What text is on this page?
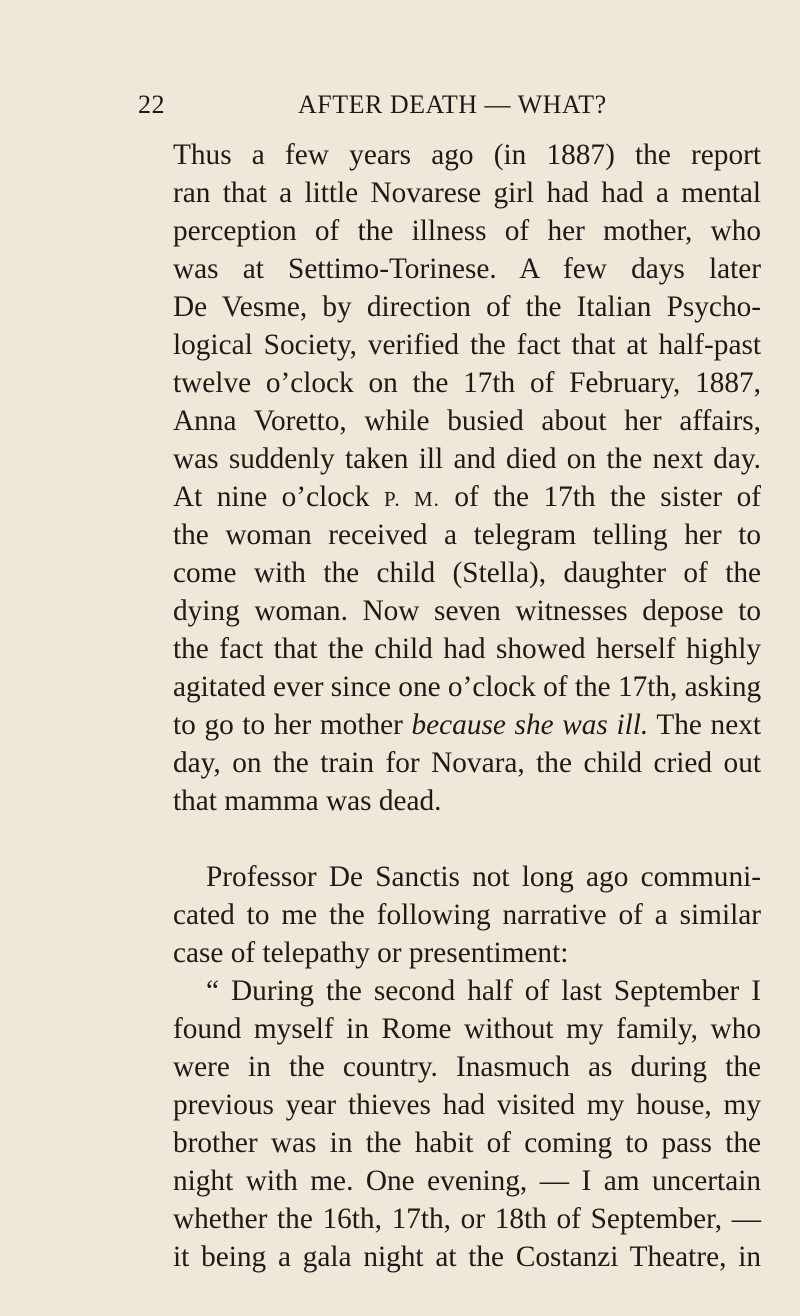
22	AFTER DEATH — WHAT?
Thus a few years ago (in 1887) the report
ran that a little Novarese girl had had a mental
perception of the illness of her mother, who
was at Settimo-Torinese. A few days later
De Vesme, by direction of the Italian Psycho-
logical Society, verified the fact that at half-past
twelve o’clock on the 17th of February, 1887,
Anna Voretto, while busied about her affairs,
was suddenly taken ill and died on the next day.
At nine o’clock P. M. of the 17th the sister of
the woman received a telegram telling her to
come with the child (Stella), daughter of the
dying woman. Now seven witnesses depose to
the fact that the child had showed herself highly
agitated ever since one o’clock of the 17th, asking
to go to her mother because she was ill. The next
day, on the train for Novara, the child cried out
that mamma was dead.
Professor De Sanctis not long ago communi-
cated to me the following narrative of a similar
case of telepathy or presentiment:
“ During the second half of last September I
found myself in Rome without my family, who
were in the country. Inasmuch as during the
previous year thieves had visited my house, my
brother was in the habit of coming to pass the
night with me. One evening, — I am uncertain
whether the 16th, 17th, or 18th of September, —
it being a gala night at the Costanzi Theatre, in
